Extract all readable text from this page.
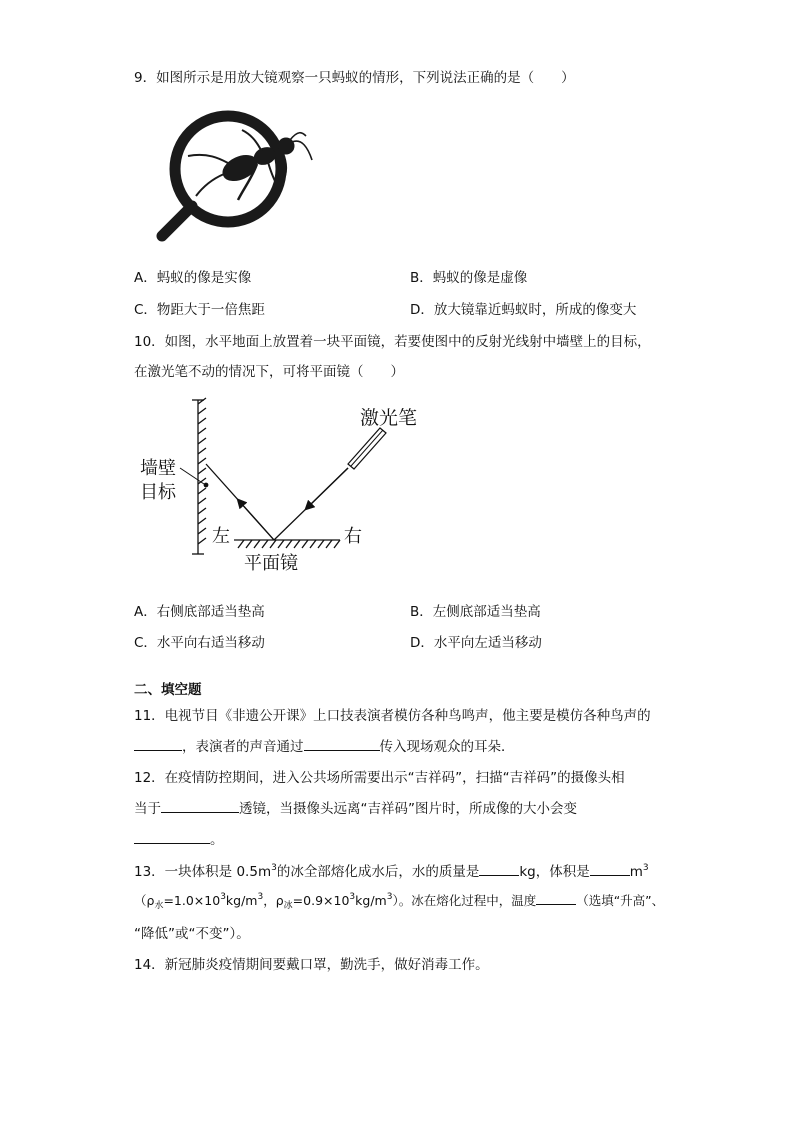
9．如图所示是用放大镜观察一只蚂蚁的情形，下列说法正确的是（　　）
A．蚂蚁的像是实像	B．蚂蚁的像是虚像
C．物距大于一倍焦距	D．放大镜靠近蚂蚁时，所成的像变大
10．如图，水平地面上放置着一块平面镜，若要使图中的反射光线射中墙壁上的目标，
在激光笔不动的情况下，可将平面镜（　　）
激光笔
墙壁
目标
左	右
平面镜
A．右侧底部适当垫高	B．左侧底部适当垫高
C．水平向右适当移动	D．水平向左适当移动
二、填空题
11．电视节目《非遗公开课》上口技表演者模仿各种鸟鸣声，他主要是模仿各种鸟声的
，表演者的声音通过	传入现场观众的耳朵．
12．在疫情防控期间，进入公共场所需要出示“吉祥码”，扫描“吉祥码”的摄像头相
当于	透镜，当摄像头远离“吉祥码”图片时，所成像的大小会变
。
13．一块体积是 $0.5m^3$的冰全部熔化成水后，水的质量是	kg，体积是	$m^3$
（$\rho_水=1.0\times 10^3kg/m^3$，$\rho_冰=0.9\times 10^3kg/m^3$）。冰在熔化过程中，温度	（选填“升高”、
“降低”或“不变”）。
14．新冠肺炎疫情期间要戴口罩，勤洗手，做好消毒工作。
